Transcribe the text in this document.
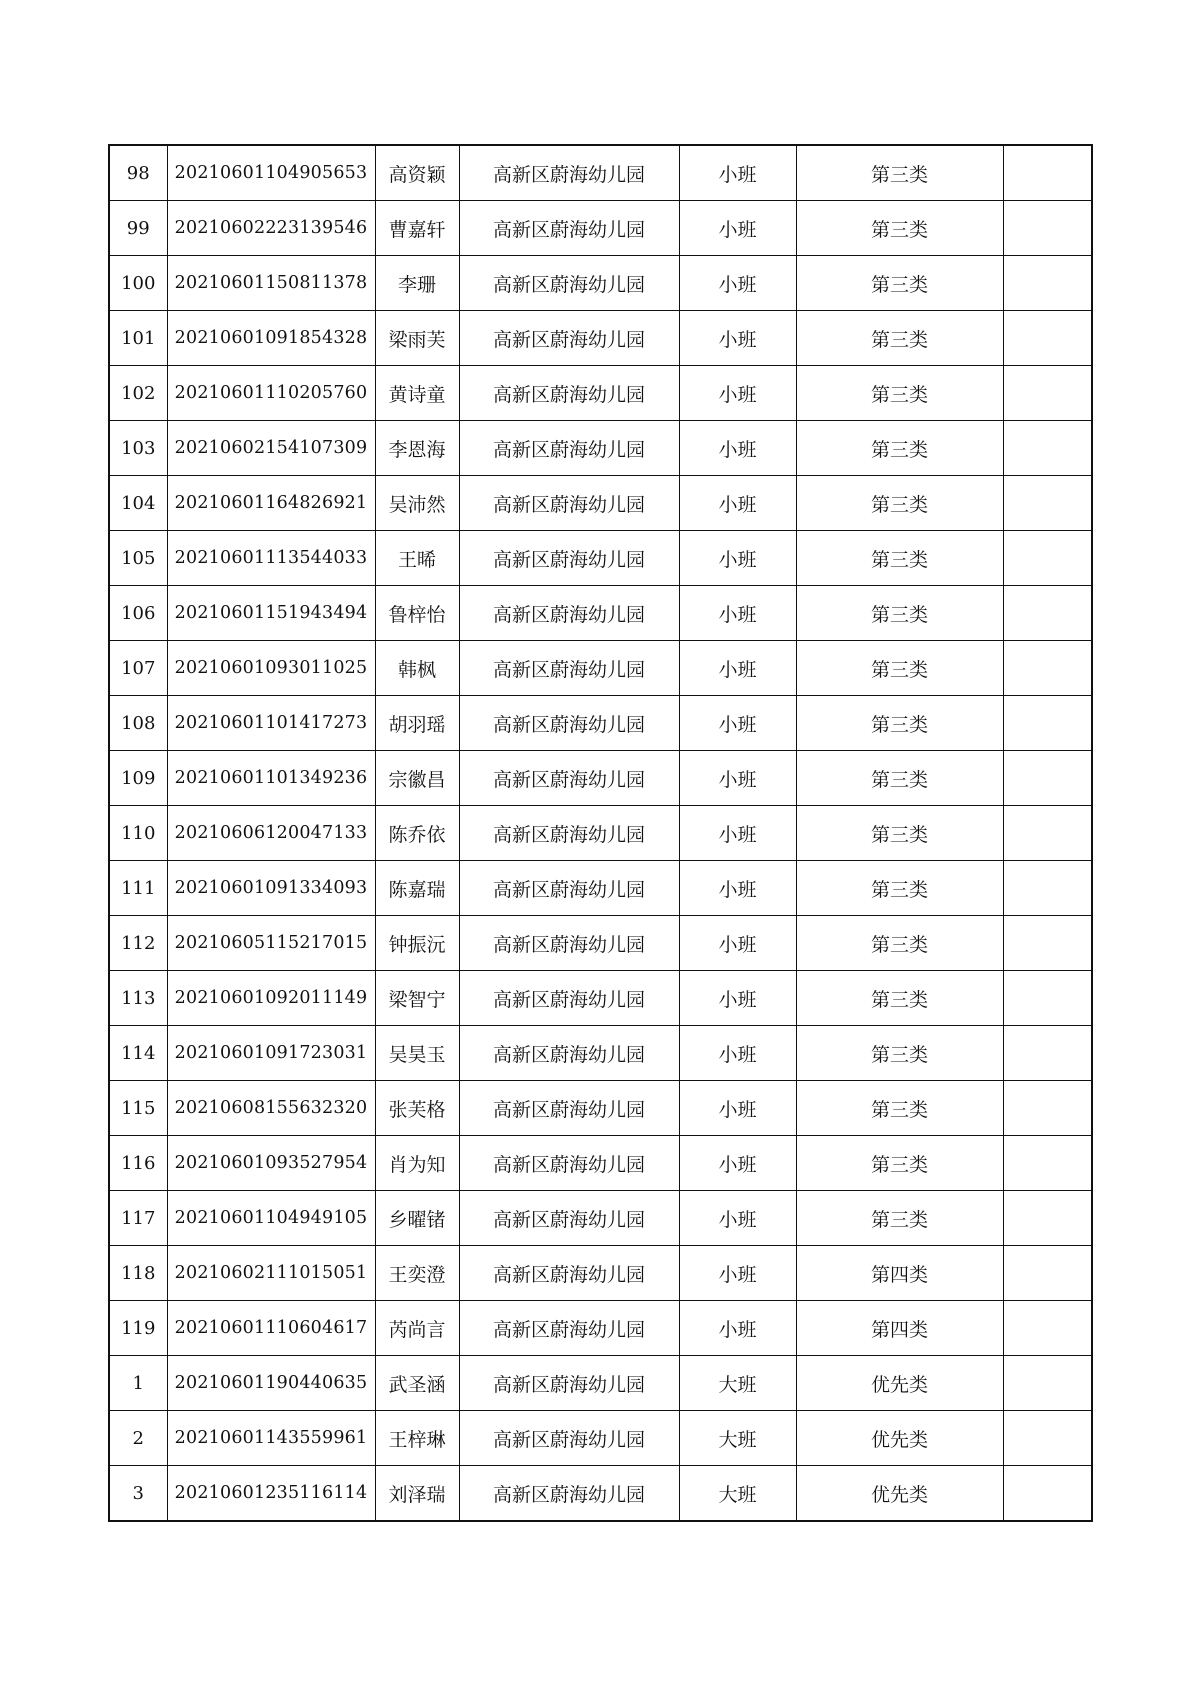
98	20210601104905653	高资颖	高新区蔚海幼儿园	小班	第三类	
99	20210602223139546	曹嘉轩	高新区蔚海幼儿园	小班	第三类	
100	20210601150811378	李珊	高新区蔚海幼儿园	小班	第三类	
101	20210601091854328	梁雨芙	高新区蔚海幼儿园	小班	第三类	
102	20210601110205760	黄诗童	高新区蔚海幼儿园	小班	第三类	
103	20210602154107309	李恩海	高新区蔚海幼儿园	小班	第三类	
104	20210601164826921	吴沛然	高新区蔚海幼儿园	小班	第三类	
105	20210601113544033	王晞	高新区蔚海幼儿园	小班	第三类	
106	20210601151943494	鲁梓怡	高新区蔚海幼儿园	小班	第三类	
107	20210601093011025	韩枫	高新区蔚海幼儿园	小班	第三类	
108	20210601101417273	胡羽瑶	高新区蔚海幼儿园	小班	第三类	
109	20210601101349236	宗徽昌	高新区蔚海幼儿园	小班	第三类	
110	20210606120047133	陈乔依	高新区蔚海幼儿园	小班	第三类	
111	20210601091334093	陈嘉瑞	高新区蔚海幼儿园	小班	第三类	
112	20210605115217015	钟振沅	高新区蔚海幼儿园	小班	第三类	
113	20210601092011149	梁智宁	高新区蔚海幼儿园	小班	第三类	
114	20210601091723031	吴昊玉	高新区蔚海幼儿园	小班	第三类	
115	20210608155632320	张芙格	高新区蔚海幼儿园	小班	第三类	
116	20210601093527954	肖为知	高新区蔚海幼儿园	小班	第三类	
117	20210601104949105	乡曜锗	高新区蔚海幼儿园	小班	第三类	
118	20210602111015051	王奕澄	高新区蔚海幼儿园	小班	第四类	
119	20210601110604617	芮尚言	高新区蔚海幼儿园	小班	第四类	
1	20210601190440635	武圣涵	高新区蔚海幼儿园	大班	优先类	
2	20210601143559961	王梓琳	高新区蔚海幼儿园	大班	优先类	
3	20210601235116114	刘泽瑞	高新区蔚海幼儿园	大班	优先类	
